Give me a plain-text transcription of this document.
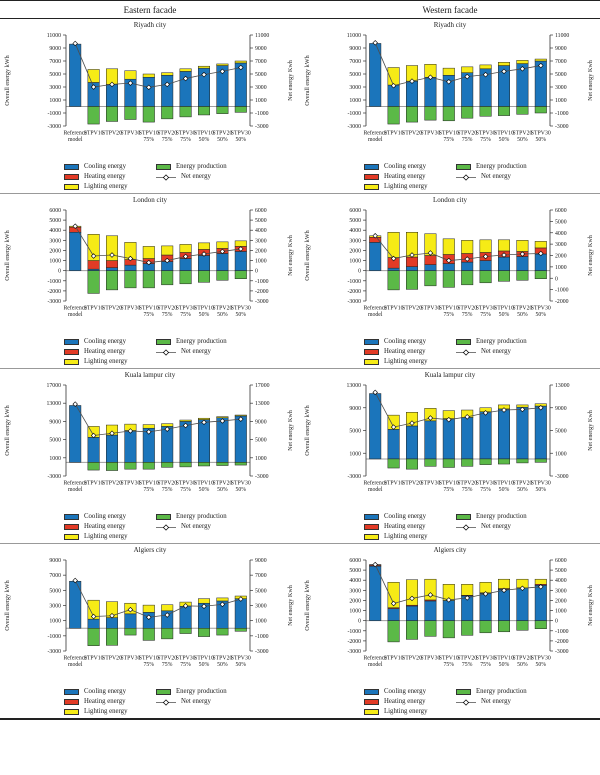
Eastern facade	Western facade
Riyadh city
-3000
-1000
1000
3000
5000
7000
9000
11000
-3000
-1000
1000
3000
5000
7000
9000
11000
Overall energy kWh	Net energy Kwh
Reference
model
STPV10
STPV20
STPV30
STPV10
75%
STPV20
75%
STPV30
75%
STPV10
50%
STPV20
50%
STPV30
50%
Cooling energy
Heating energy
Lighting energy
Energy production
Net energy
Riyadh city
-3000
-1000
1000
3000
5000
7000
9000
11000
-3000
-1000
1000
3000
5000
7000
9000
11000
Overall energy kWh	Net energy Kwh
Reference
model
STPV10
STPV20
STPV30
STPV10
75%
STPV20
75%
STPV30
75%
STPV10
50%
STPV20
50%
STPV30
50%
Cooling energy
Heating energy
Lighting energy
Energy production
Net energy
London city
-3000
-2000
-1000
0
1000
2000
3000
4000
5000
6000
-3000
-2000
-1000
0
1000
2000
3000
4000
5000
6000
Overall energy kWh	Net energy Kwh
Reference
model
STPV10
STPV20
STPV30
STPV10
75%
STPV20
75%
STPV30
75%
STPV10
50%
STPV20
50%
STPV30
50%
Cooling energy
Heating energy
Lighting energy
Energy production
Net energy
London city
-3000
-2000
-1000
0
1000
2000
3000
4000
5000
6000
-2000
-1000
0
1000
2000
3000
4000
5000
6000
Overall energy kWh	Net energy Kwh
Reference
model
STPV10
STPV20
STPV30
STPV10
75%
STPV20
75%
STPV30
75%
STPV10
50%
STPV20
50%
STPV30
50%
Cooling energy
Heating energy
Lighting energy
Energy production
Net energy
Kuala lampur city
-3000
1000
5000
9000
13000
17000
-3000
1000
5000
9000
13000
17000
Overall energy kWh	Net energy Kwh
Reference
model
STPV10
STPV20
STPV30
STPV10
75%
STPV20
75%
STPV30
75%
STPV10
50%
STPV20
50%
STPV30
50%
Cooling energy
Heating energy
Lighting energy
Energy production
Net energy
Kuala lampur city
-3000
1000
5000
9000
13000
-3000
1000
5000
9000
13000
Overall energy kWh	Net energy Kwh
Reference
model
STPV10
STPV20
STPV30
STPV10
75%
STPV20
75%
STPV30
75%
STPV10
50%
STPV20
50%
STPV30
50%
Cooling energy
Heating energy
Lighting energy
Energy production
Net energy
Algiers city
-3000
-1000
1000
3000
5000
7000
9000
-3000
-1000
1000
3000
5000
7000
9000
Overall energy kWh	Net energy Kwh
Reference
model
STPV10
STPV20
STPV30
STPV10
75%
STPV20
75%
STPV30
75%
STPV10
50%
STPV20
50%
STPV30
50%
Cooling energy
Heating energy
Lighting energy
Energy production
Net energy
Algiers city
-3000
-2000
-1000
0
1000
2000
3000
4000
5000
6000
-3000
-2000
-1000
0
1000
2000
3000
4000
5000
6000
Overall energy kWh	Net energy Kwh
Reference
model
STPV10
STPV20
STPV30
STPV10
75%
STPV20
75%
STPV30
75%
STPV10
50%
STPV20
50%
STPV30
50%
Cooling energy
Heating energy
Lighting energy
Energy production
Net energy
